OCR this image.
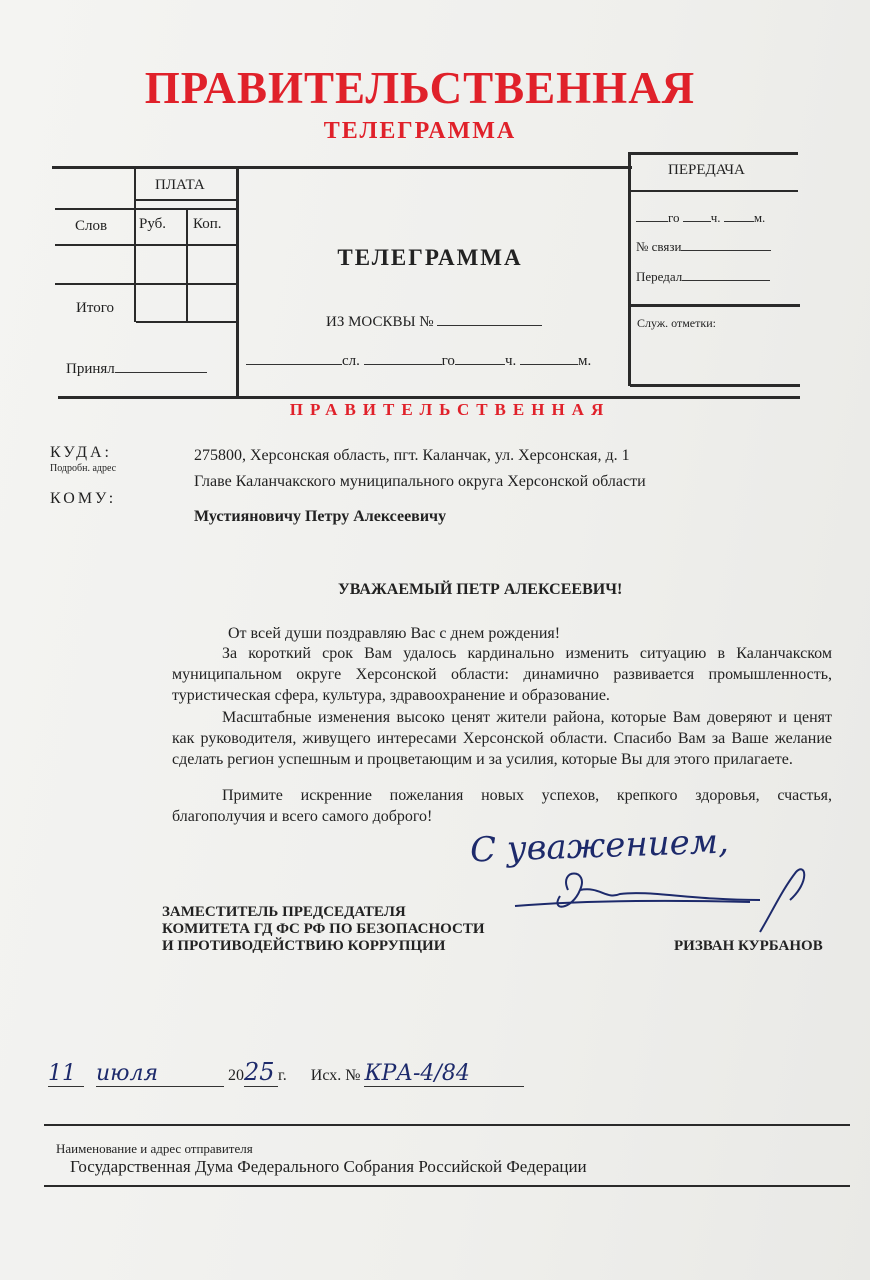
ПРАВИТЕЛЬСТВЕННАЯ
ТЕЛЕГРАММА
ПЛАТА
Слов Руб. Коп.
Итого
Принял
ТЕЛЕГРАММА
ИЗ МОСКВЫ №
сл.	го	ч.	м.
ПЕРЕДАЧА
го ч.	м.
№ связи
Передал
Служ. отметки:
ПРАВИТЕЛЬСТВЕННАЯ
КУДА:
Подробн. адрес
275800, Херсонская область, пгт. Каланчак, ул. Херсонская, д. 1
КОМУ:
Главе Каланчакского муниципального округа Херсонской области
Мустияновичу Петру Алексеевичу
УВАЖАЕМЫЙ ПЕТР АЛЕКСЕЕВИЧ!
От всей души поздравляю Вас с днем рождения!
За короткий срок Вам удалось кардинально изменить ситуацию в Каланчакском муниципальном округе Херсонской области: динамично развивается промышленность, туристическая сфера, культура, здравоохранение и образование.
Масштабные изменения высоко ценят жители района, которые Вам доверяют и ценят как руководителя, живущего интересами Херсонской области. Спасибо Вам за Ваше желание сделать регион успешным и процветающим и за усилия, которые Вы для этого прилагаете.
Примите искренние пожелания новых успехов, крепкого здоровья, счастья, благополучия и всего самого доброго!
С уважением,
ЗАМЕСТИТЕЛЬ ПРЕДСЕДАТЕЛЯ
КОМИТЕТА ГД ФС РФ ПО БЕЗОПАСНОСТИ
И ПРОТИВОДЕЙСТВИЮ КОРРУПЦИИ	РИЗВАН КУРБАНОВ
11 июля	2025 г. Исх. № КРА-4/84
Наименование и адрес отправителя
Государственная Дума Федерального Собрания Российской Федерации
